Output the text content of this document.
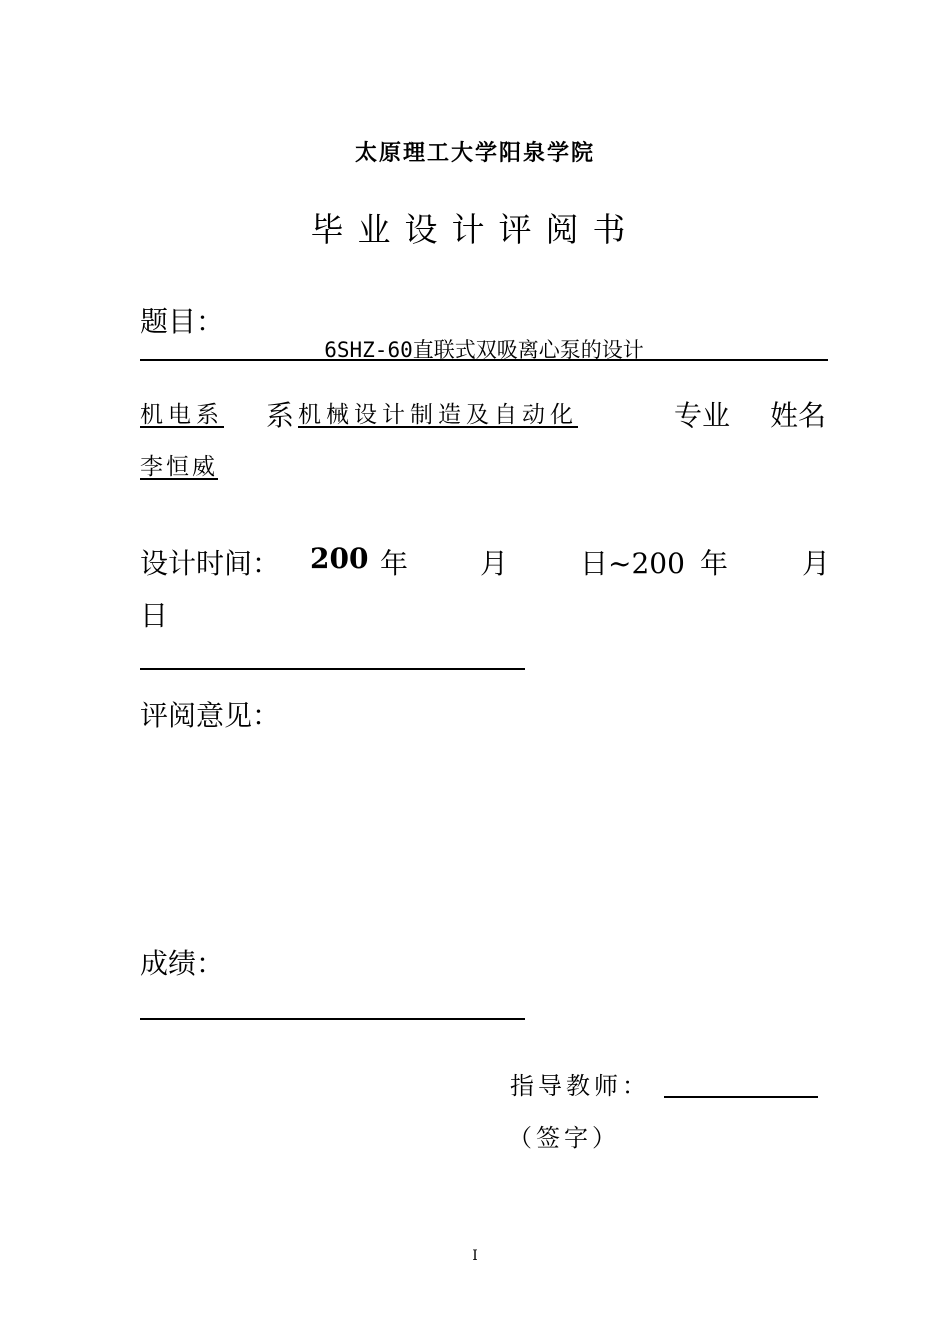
太原理工大学阳泉学院
毕业设计评阅书
题目：
6SHZ-60直联式双吸离心泵的设计
机电系 系 机械设计制造及自动化	专业 姓名
李恒威
设计时间： 200 年	月	日~200 年	月
日
评阅意见：
成绩：
指导教师：
（签字）
I
